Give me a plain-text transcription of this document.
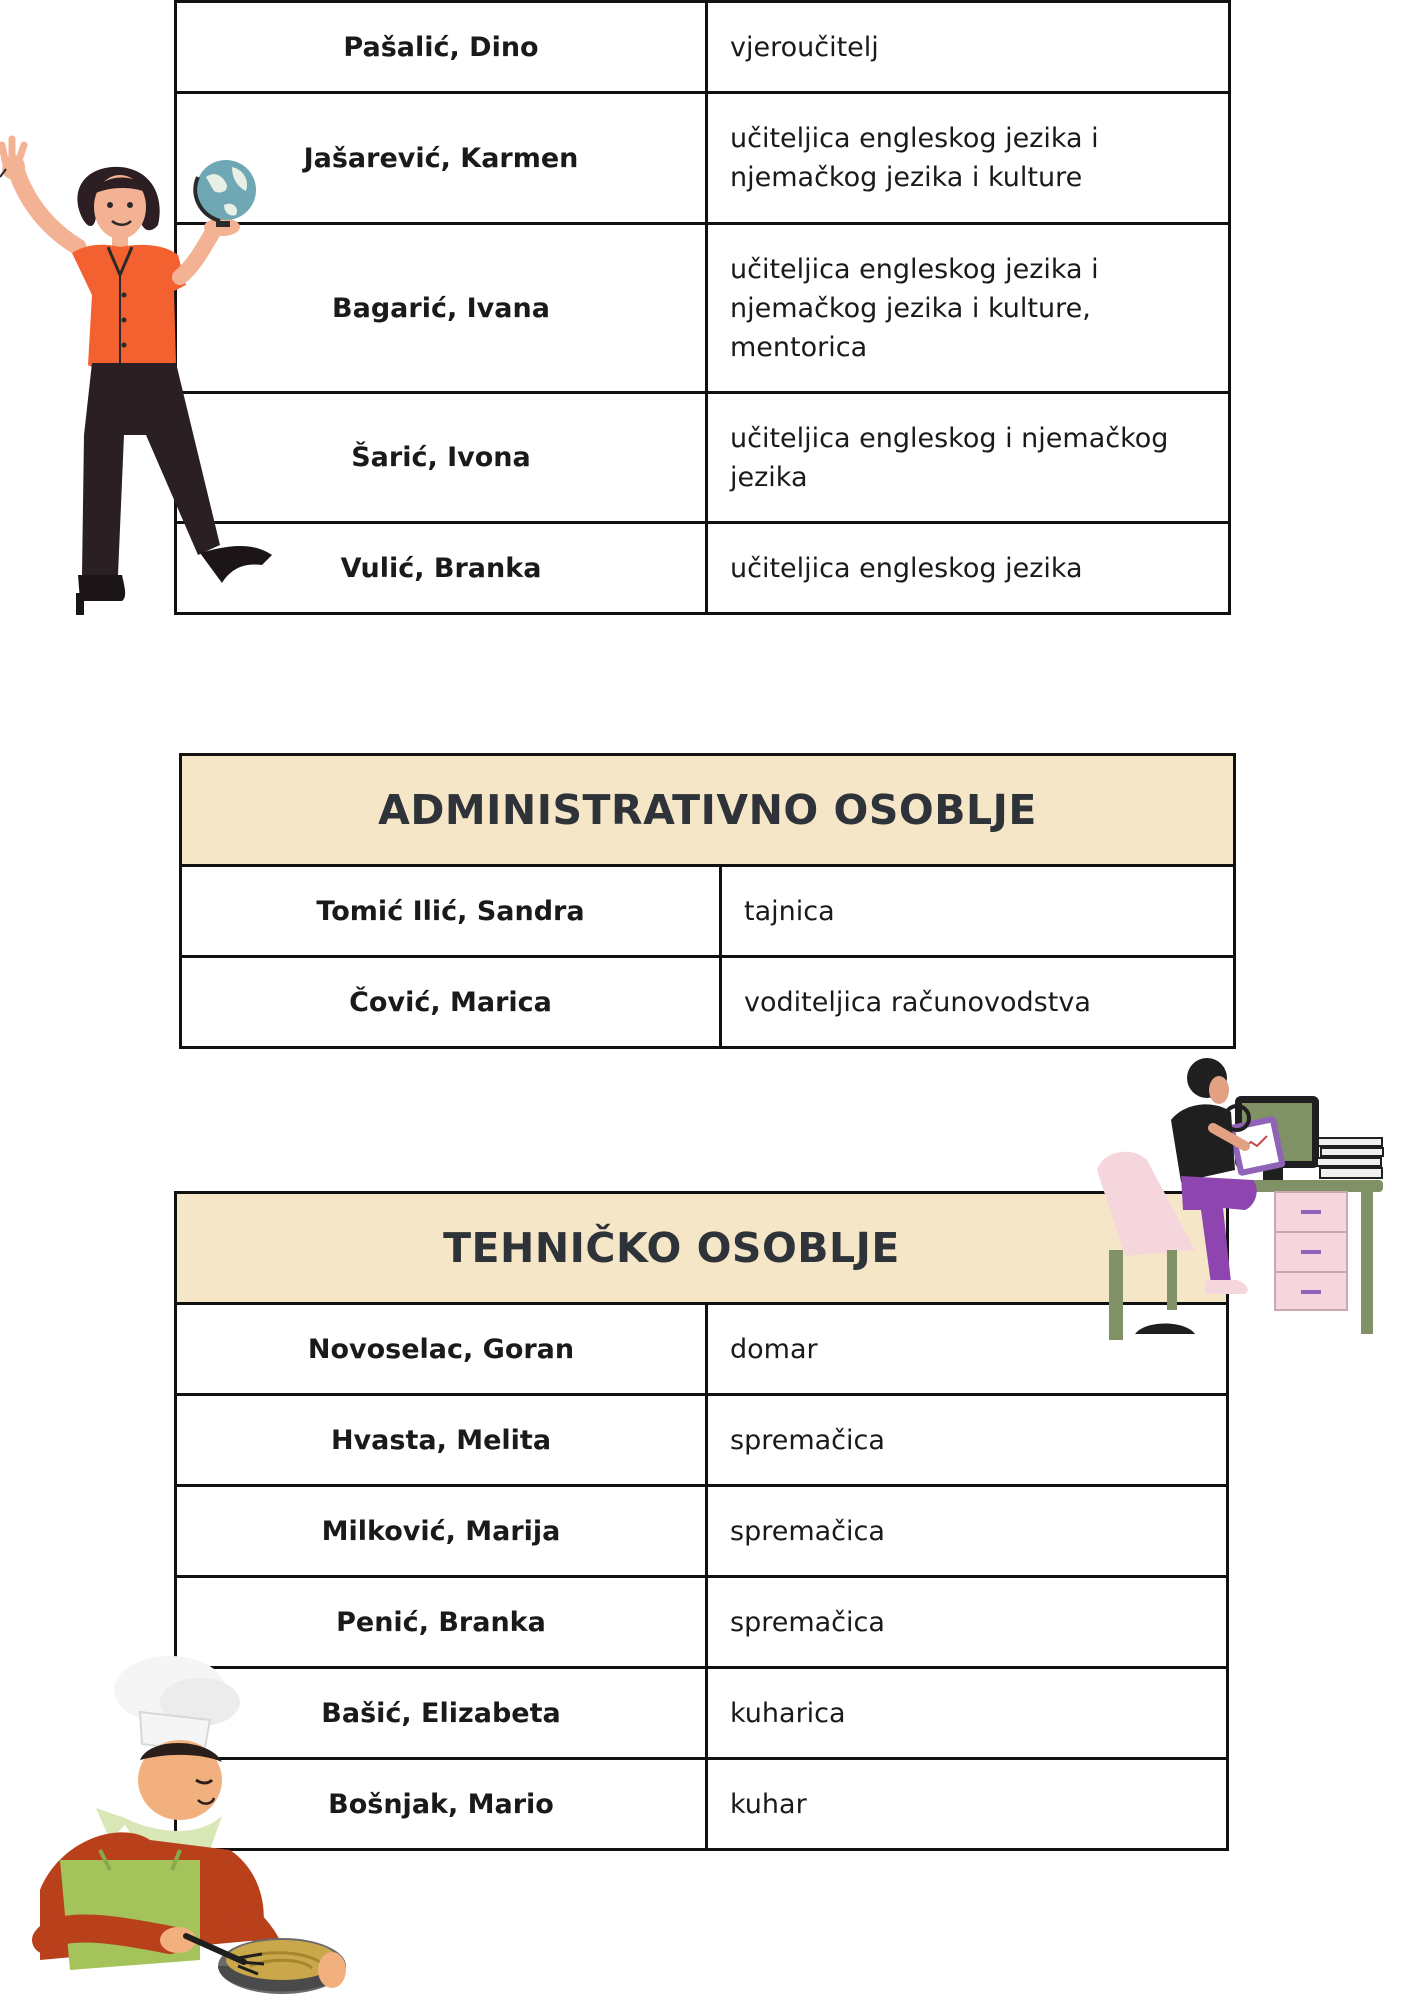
Pašalić, Dino	vjeroučitelj
Jašarević, Karmen	učiteljica engleskog jezika i njemačkog jezika i kulture
Bagarić, Ivana	učiteljica engleskog jezika i njemačkog jezika i kulture, mentorica
Šarić, Ivona	učiteljica engleskog i njemačkog jezika
Vulić, Branka	učiteljica engleskog jezika
ADMINISTRATIVNO OSOBLJE	
Tomić Ilić, Sandra	tajnica
Čović, Marica	voditeljica računovodstva
TEHNIČKO OSOBLJE	
Novoselac, Goran	domar
Hvasta, Melita	spremačica
Milković, Marija	spremačica
Penić, Branka	spremačica
Bašić, Elizabeta	kuharica
Bošnjak, Mario	kuhar
